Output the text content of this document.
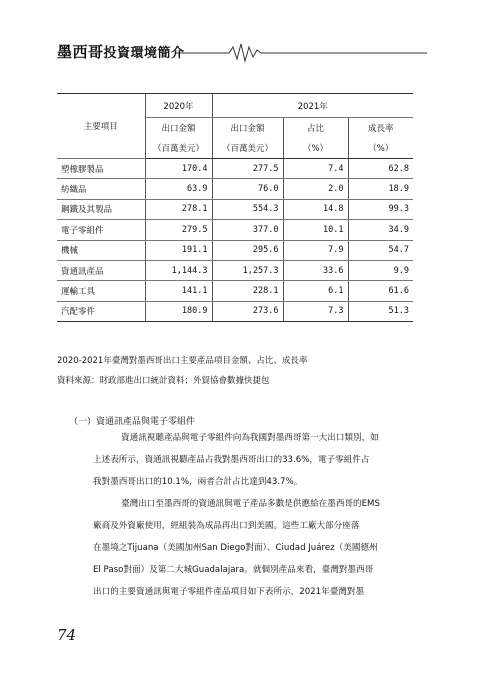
墨西哥投資環境簡介
主要項目	2020年	2021年		
	出口金額	出口金額	占比	成長率
	（百萬美元）	（百萬美元）	（%）	（%）
塑橡膠製品	170.4	277.5	7.4	62.8
紡織品	63.9	76.0	2.0	18.9
鋼鐵及其製品	278.1	554.3	14.8	99.3
電子零組件	279.5	377.0	10.1	34.9
機械	191.1	295.6	7.9	54.7
資通訊產品	1,144.3	1,257.3	33.6	9.9
運輸工具	141.1	228.1	6.1	61.6
汽配零件	180.9	273.6	7.3	51.3
2020-2021年臺灣對墨西哥出口主要產品項目金額、占比、成長率
資料來源：財政部進出口統計資料；外貿協會數據快捷包
（一）資通訊產品與電子零組件
資通訊視聽產品與電子零組件向為我國對墨西哥第一大出口類別，如
上述表所示，資通訊視聽產品占我對墨西哥出口的33.6%，電子零組件占
我對墨西哥出口的10.1%，兩者合計占比達到43.7%。
臺灣出口至墨西哥的資通訊與電子產品多數是供應給在墨西哥的EMS
廠商及外資廠使用，經組裝為成品再出口到美國。這些工廠大部分座落
在墨境之Tijuana（美國加州San Diego對面）、Ciudad Juárez（美國德州
El Paso對面）及第二大城Guadalajara。就個別產品來看，臺灣對墨西哥
出口的主要資通訊與電子零組件產品項目如下表所示，2021年臺灣對墨
74
